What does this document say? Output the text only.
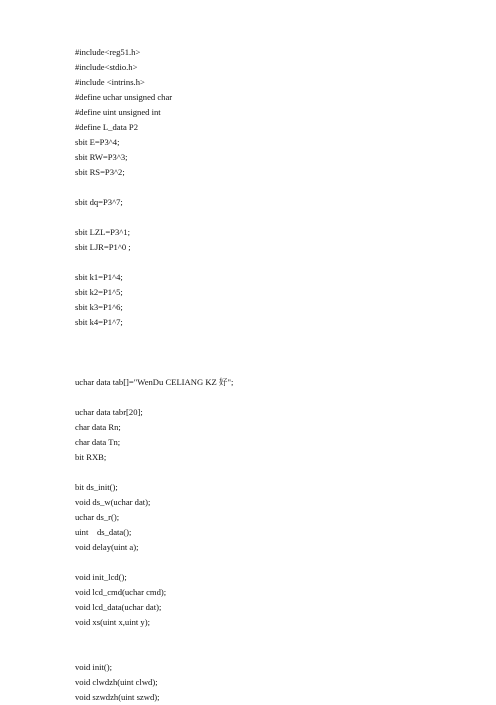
#include<reg51.h>
#include<stdio.h>
#include <intrins.h>
#define uchar unsigned char
#define uint unsigned int
#define L_data P2
sbit E=P3^4;
sbit RW=P3^3;
sbit RS=P3^2;
sbit dq=P3^7;
sbit LZL=P3^1;
sbit LJR=P1^0 ;
sbit k1=P1^4;
sbit k2=P1^5;
sbit k3=P1^6;
sbit k4=P1^7;
uchar data tab[]="WenDu CELIANG KZ 好";
uchar data tabr[20];
char data Rn;
char data Tn;
bit RXB;
bit ds_init();
void ds_w(uchar dat);
uchar ds_r();
uint    ds_data();
void delay(uint a);
void init_lcd();
void lcd_cmd(uchar cmd);
void lcd_data(uchar dat);
void xs(uint x,uint y);
void init();
void clwdzh(uint clwd);
void szwdzh(uint szwd);
